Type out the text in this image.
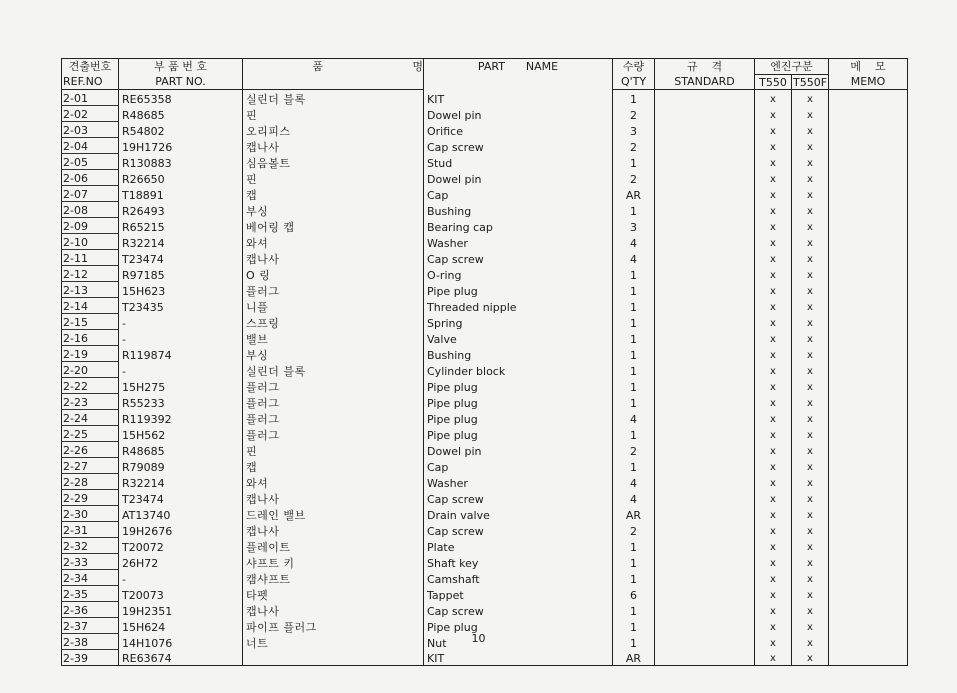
견출번호	부 품 번 호	품 명	PART      NAME	수량	규    격	엔진구분		메    모
REF.NO	PART NO.			Q'TY	STANDARD	T550	T550F	MEMO
2-01	RE65358	실린더 블록	KIT	1		x	x	
2-02	R48685	핀	Dowel pin	2		x	x	
2-03	R54802	오리피스	Orifice	3		x	x	
2-04	19H1726	캡나사	Cap screw	2		x	x	
2-05	R130883	심음볼트	Stud	1		x	x	
2-06	R26650	핀	Dowel pin	2		x	x	
2-07	T18891	캡	Cap	AR		x	x	
2-08	R26493	부싱	Bushing	1		x	x	
2-09	R65215	베어링 캡	Bearing cap	3		x	x	
2-10	R32214	와셔	Washer	4		x	x	
2-11	T23474	캡나사	Cap screw	4		x	x	
2-12	R97185	O 링	O-ring	1		x	x	
2-13	15H623	플러그	Pipe plug	1		x	x	
2-14	T23435	니플	Threaded nipple	1		x	x	
2-15	-	스프링	Spring	1		x	x	
2-16	-	밸브	Valve	1		x	x	
2-19	R119874	부싱	Bushing	1		x	x	
2-20	-	실린더 블록	Cylinder block	1		x	x	
2-22	15H275	플러그	Pipe plug	1		x	x	
2-23	R55233	플러그	Pipe plug	1		x	x	
2-24	R119392	플러그	Pipe plug	4		x	x	
2-25	15H562	플러그	Pipe plug	1		x	x	
2-26	R48685	핀	Dowel pin	2		x	x	
2-27	R79089	캡	Cap	1		x	x	
2-28	R32214	와셔	Washer	4		x	x	
2-29	T23474	캡나사	Cap screw	4		x	x	
2-30	AT13740	드레인 밸브	Drain valve	AR		x	x	
2-31	19H2676	캡나사	Cap screw	2		x	x	
2-32	T20072	플레이트	Plate	1		x	x	
2-33	26H72	샤프트 키	Shaft key	1		x	x	
2-34	-	캠샤프트	Camshaft	1		x	x	
2-35	T20073	타펫	Tappet	6		x	x	
2-36	19H2351	캡나사	Cap screw	1		x	x	
2-37	15H624	파이프 플러그	Pipe plug	1		x	x	
2-38	14H1076	너트	Nut	1		x	x	
2-39	RE63674		KIT	AR		x	x	
10
